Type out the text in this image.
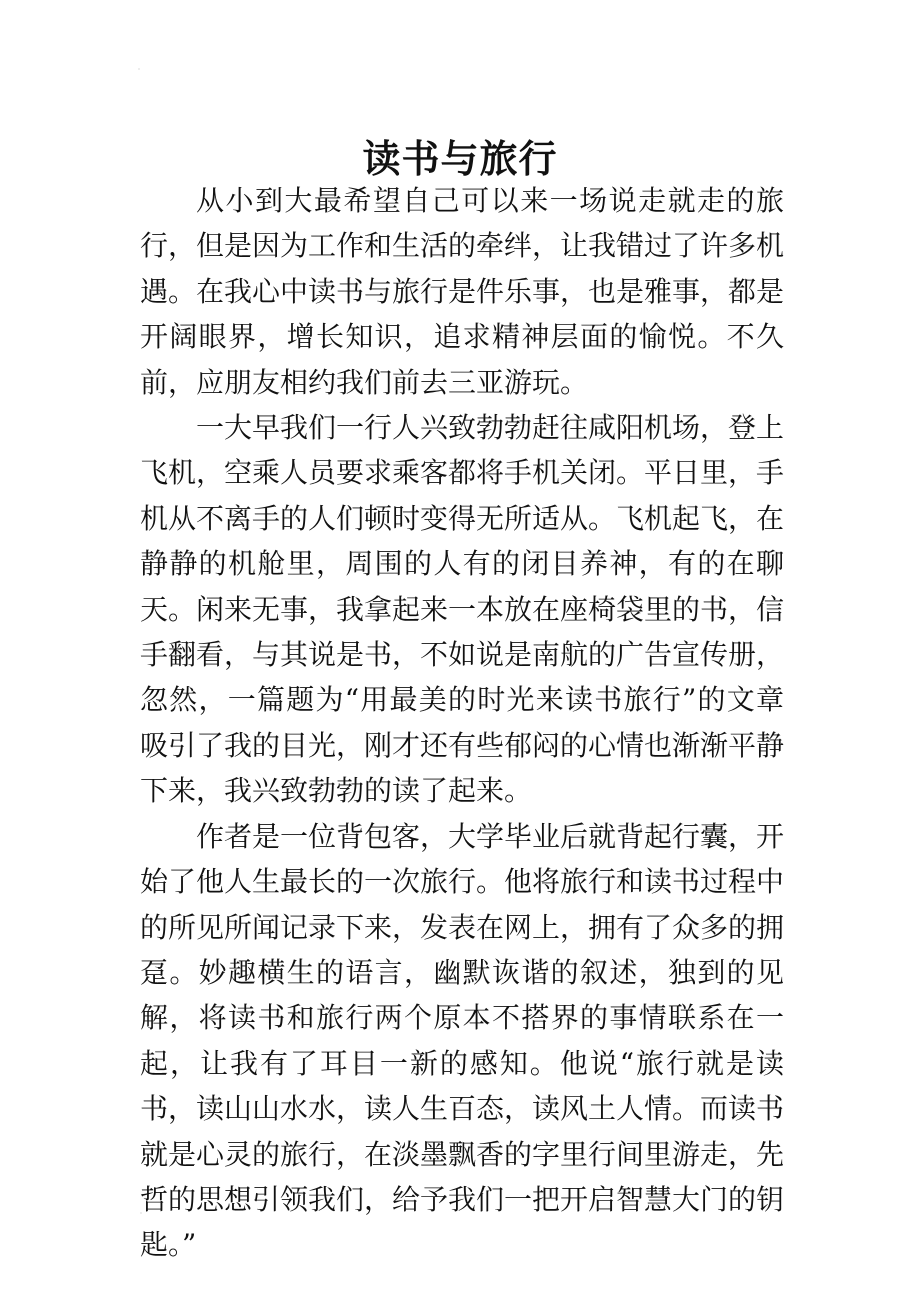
读书与旅行

从小到大最希望自己可以来一场说走就走的旅行，但是因为工作和生活的牵绊，让我错过了许多机遇。在我心中读书与旅行是件乐事，也是雅事，都是开阔眼界，增长知识，追求精神层面的愉悦。不久前，应朋友相约我们前去三亚游玩。

一大早我们一行人兴致勃勃赶往咸阳机场，登上飞机，空乘人员要求乘客都将手机关闭。平日里，手机从不离手的人们顿时变得无所适从。飞机起飞，在静静的机舱里，周围的人有的闭目养神，有的在聊天。闲来无事，我拿起来一本放在座椅袋里的书，信手翻看，与其说是书，不如说是南航的广告宣传册，忽然，一篇题为“用最美的时光来读书旅行”的文章吸引了我的目光，刚才还有些郁闷的心情也渐渐平静下来，我兴致勃勃的读了起来。

作者是一位背包客，大学毕业后就背起行囊，开始了他人生最长的一次旅行。他将旅行和读书过程中的所见所闻记录下来，发表在网上，拥有了众多的拥趸。妙趣横生的语言，幽默诙谐的叙述，独到的见解，将读书和旅行两个原本不搭界的事情联系在一起，让我有了耳目一新的感知。他说“旅行就是读书，读山山水水，读人生百态，读风土人情。而读书就是心灵的旅行，在淡墨飘香的字里行间里游走，先哲的思想引领我们，给予我们一把开启智慧大门的钥匙。”
